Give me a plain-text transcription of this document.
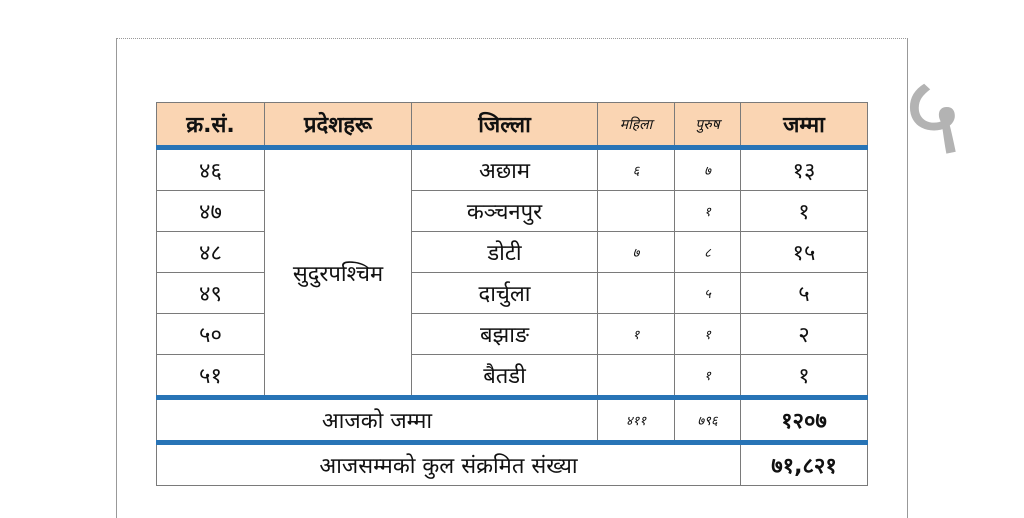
५
क्र.सं.	प्रदेशहरू	जिल्ला	महिला	पुरुष	जम्मा
४६	सुदुरपश्चिम	अछाम	६	७	१३
४७		कञ्चनपुर		१	१
४८		डोटी	७	८	१५
४९		दार्चुला		५	५
५०		बझाङ	१	१	२
५१		बैतडी		१	१
आजको जम्मा			४११	७९६	१२०७
आजसम्मको कुल संक्रमित संख्या					७१,८२१
